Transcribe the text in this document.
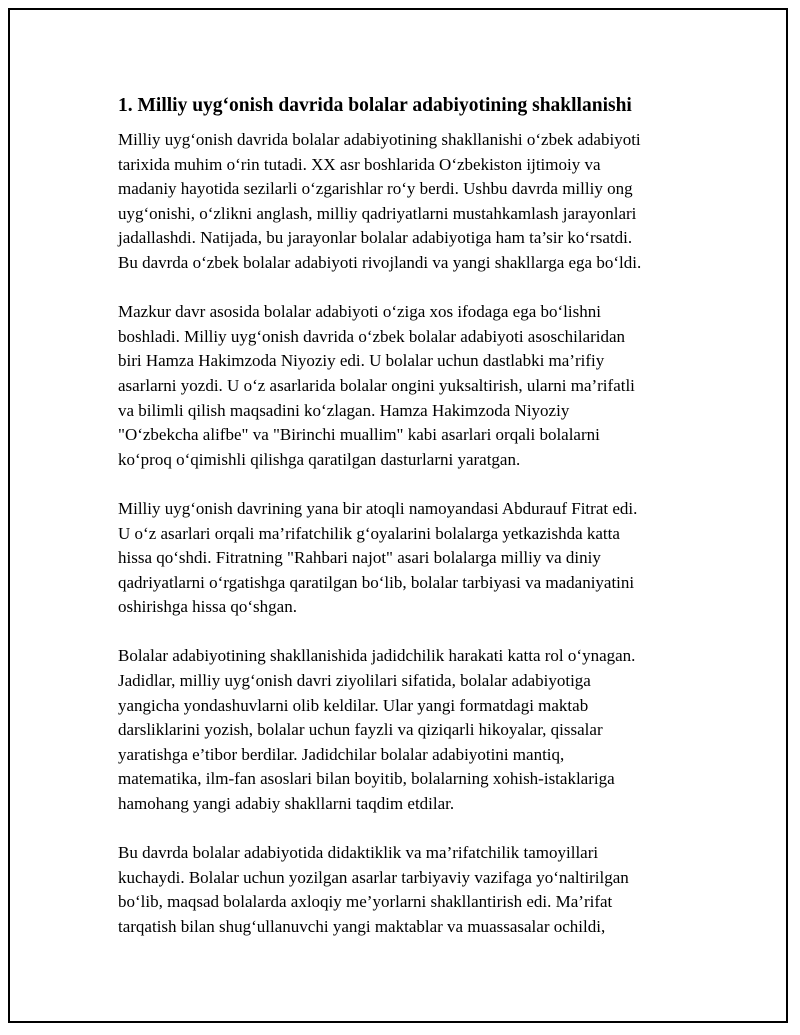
1. Milliy uyg‘onish davrida bolalar adabiyotining shakllanishi
Milliy uyg‘onish davrida bolalar adabiyotining shakllanishi o‘zbek adabiyoti
tarixida muhim o‘rin tutadi. XX asr boshlarida O‘zbekiston ijtimoiy va
madaniy hayotida sezilarli o‘zgarishlar ro‘y berdi. Ushbu davrda milliy ong
uyg‘onishi, o‘zlikni anglash, milliy qadriyatlarni mustahkamlash jarayonlari
jadallashdi. Natijada, bu jarayonlar bolalar adabiyotiga ham ta’sir ko‘rsatdi.
Bu davrda o‘zbek bolalar adabiyoti rivojlandi va yangi shakllarga ega bo‘ldi.
Mazkur davr asosida bolalar adabiyoti o‘ziga xos ifodaga ega bo‘lishni
boshladi. Milliy uyg‘onish davrida o‘zbek bolalar adabiyoti asoschilaridan
biri Hamza Hakimzoda Niyoziy edi. U bolalar uchun dastlabki ma’rifiy
asarlarni yozdi. U o‘z asarlarida bolalar ongini yuksaltirish, ularni ma’rifatli
va bilimli qilish maqsadini ko‘zlagan. Hamza Hakimzoda Niyoziy
"O‘zbekcha alifbe" va "Birinchi muallim" kabi asarlari orqali bolalarni
ko‘proq o‘qimishli qilishga qaratilgan dasturlarni yaratgan.
Milliy uyg‘onish davrining yana bir atoqli namoyandasi Abdurauf Fitrat edi.
U o‘z asarlari orqali ma’rifatchilik g‘oyalarini bolalarga yetkazishda katta
hissa qo‘shdi. Fitratning "Rahbari najot" asari bolalarga milliy va diniy
qadriyatlarni o‘rgatishga qaratilgan bo‘lib, bolalar tarbiyasi va madaniyatini
oshirishga hissa qo‘shgan.
Bolalar adabiyotining shakllanishida jadidchilik harakati katta rol o‘ynagan.
Jadidlar, milliy uyg‘onish davri ziyolilari sifatida, bolalar adabiyotiga
yangicha yondashuvlarni olib keldilar. Ular yangi formatdagi maktab
darsliklarini yozish, bolalar uchun fayzli va qiziqarli hikoyalar, qissalar
yaratishga e’tibor berdilar. Jadidchilar bolalar adabiyotini mantiq,
matematika, ilm-fan asoslari bilan boyitib, bolalarning xohish-istaklariga
hamohang yangi adabiy shakllarni taqdim etdilar.
Bu davrda bolalar adabiyotida didaktiklik va ma’rifatchilik tamoyillari
kuchaydi. Bolalar uchun yozilgan asarlar tarbiyaviy vazifaga yo‘naltirilgan
bo‘lib, maqsad bolalarda axloqiy me’yorlarni shakllantirish edi. Ma’rifat
tarqatish bilan shug‘ullanuvchi yangi maktablar va muassasalar ochildi,
